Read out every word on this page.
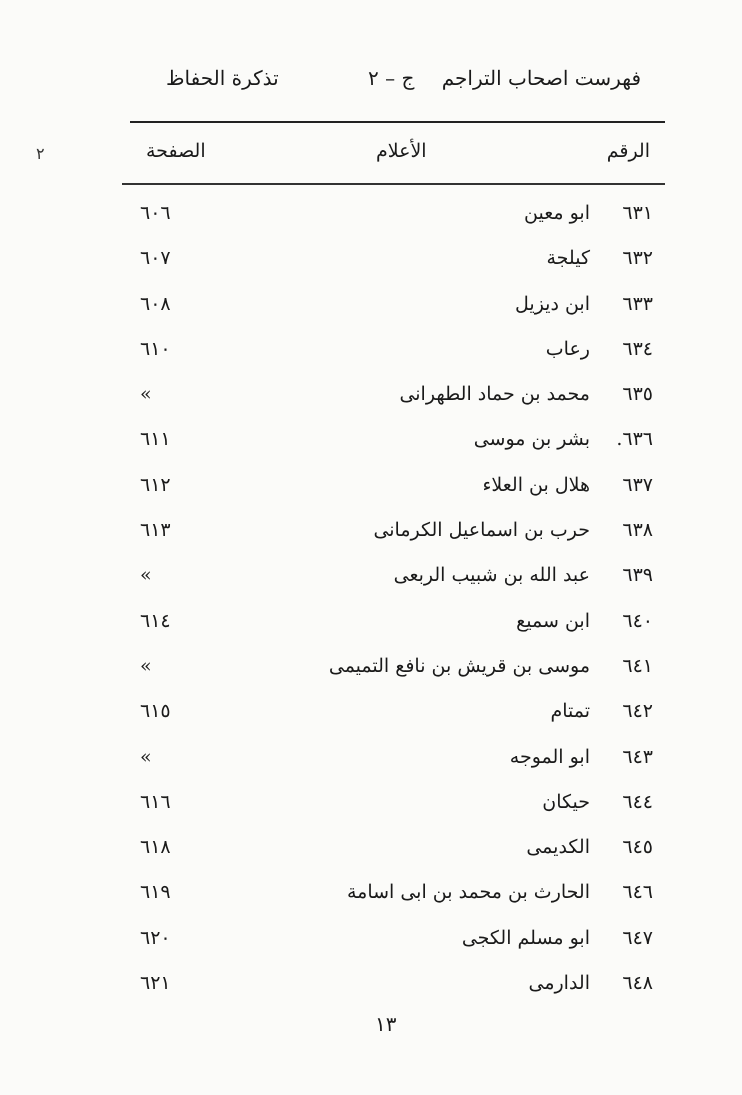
فهرست اصحاب التراجم
ج – ٢
تذكرة الحفاظ
٢	الرقم
الأعلام
الصفحة
٦٣١
ابو معين
٦٠٦
٦٣٢
كيلجة
٦٠٧
٦٣٣
ابن ديزيل
٦٠٨
٦٣٤
رعاب
٦١٠
٦٣٥
محمد بن حماد الطهرانى
»
٦٣٦.
بشر بن موسى
٦١١
٦٣٧
هلال بن العلاء
٦١٢
٦٣٨
حرب بن اسماعيل الكرمانى
٦١٣
٦٣٩
عبد الله بن شبيب الربعى
»
٦٤٠
ابن سميع
٦١٤
٦٤١
موسى بن قريش بن نافع التميمى
»
٦٤٢
تمتام
٦١٥
٦٤٣
ابو الموجه
»
٦٤٤
حيكان
٦١٦
٦٤٥
الكديمى
٦١٨
٦٤٦
الحارث بن محمد بن ابى اسامة
٦١٩
٦٤٧
ابو مسلم الكجى
٦٢٠
٦٤٨
الدارمى
٦٢١
١٣
